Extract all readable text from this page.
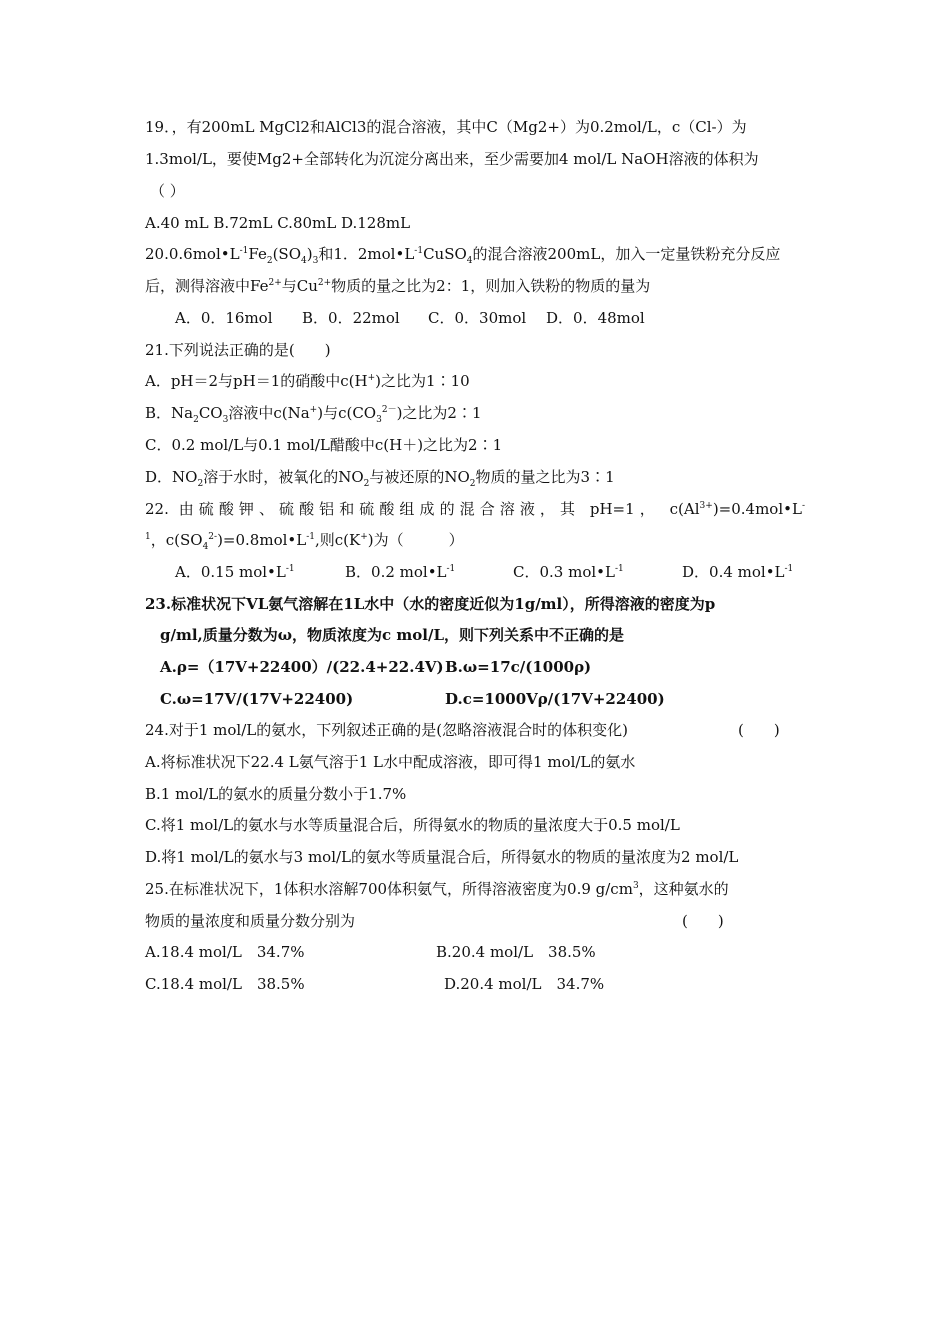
19．，有200mL MgCl2和AlCl3的混合溶液，其中C（Mg2+）为0.2mol/L，c（Cl-）为
1.3mol/L，要使Mg2+全部转化为沉淀分离出来，至少需要加4 mol/L NaOH溶液的体积为
（ ）
A.40 mL B.72mL C.80mL D.128mL
$20.0.6mol•L^{-1}Fe_2(SO_4)_3$和1．$2mol•L^{-1}CuSO_4$的混合溶液200mL，加入一定量铁粉充分反应
后，测得溶液中$Fe^{2+}$与$Cu^{2+}$物质的量之比为2：1，则加入铁粉的物质的量为
A．0．16mol B．0．22mol C．0．30mol D．0．48mol
21.下列说法正确的是(　　)
A．pH＝2与pH＝1的硝酸中c(H+)之比为1∶10
B．$Na_2CO_3$溶液中c(Na+)与$c(CO_3^{2-})$之比为2∶1
C．0.2 mol/L与0.1 mol/L醋酸中c(H＋)之比为2∶1
D．$NO_2$溶于水时，被氧化的$NO_2$与被还原的$NO_2$物质的量之比为3∶1
22. 由硫酸钾、硫酸铝和硫酸组成的混合溶液，其 pH=1， $c(Al^{3+})=0.4mol•L^-$
$^1$，$c(SO_4^{2-})=0.8mol•L^{-1}$,则c(K+)为（　　　）
A．0.15 $mol•L^{-1}$	B．0.2 $mol•L^{-1}$	C．0.3 $mol•L^{-1}$	D．0.4 $mol•L^{-1}$
23.标准状况下VL氨气溶解在1L水中（水的密度近似为1g/ml），所得溶液的密度为p
g/ml,质量分数为ω，物质浓度为c mol/L，则下列关系中不正确的是
A.ρ=（17V+22400）/(22.4+22.4V) B.ω=17c/(1000ρ)
C.ω=17V/(17V+22400)	D.c=1000Vρ/(17V+22400)
24.对于1 mol/L的氨水，下列叙述正确的是(忽略溶液混合时的体积变化)	(　　)
A.将标准状况下22.4 L氨气溶于1 L水中配成溶液，即可得1 mol/L的氨水
B.1 mol/L的氨水的质量分数小于1.7%
C.将1 mol/L的氨水与水等质量混合后，所得氨水的物质的量浓度大于0.5 mol/L
D.将1 mol/L的氨水与3 mol/L的氨水等质量混合后，所得氨水的物质的量浓度为2 mol/L
25.在标准状况下，1体积水溶解700体积氨气，所得溶液密度为0.9 $g/cm^3$，这种氨水的
物质的量浓度和质量分数分别为	(　　)
A.18.4 mol/L　34.7%	B.20.4 mol/L　38.5%
C.18.4 mol/L　38.5%	D.20.4 mol/L　34.7%
